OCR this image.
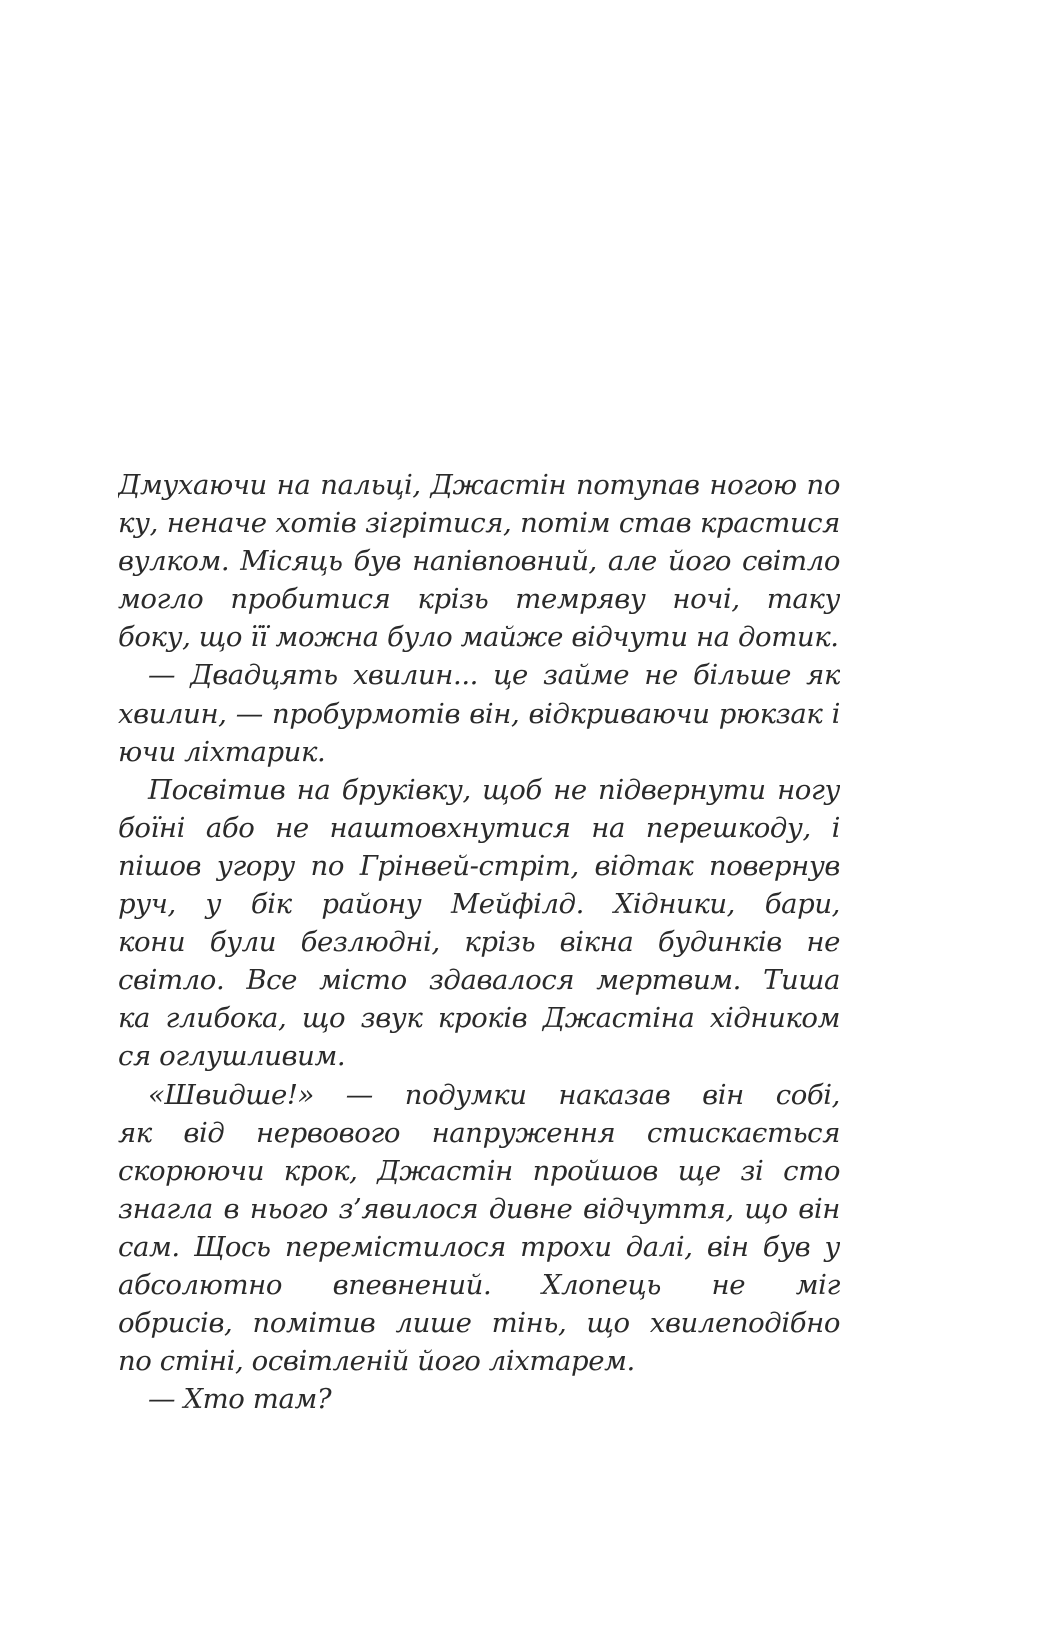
Дмухаючи на пальці, Джастін потупав ногою по
ку, неначе хотів зігрітися, потім став крастися
вулком. Місяць був напівповний, але його світло
могло пробитися крізь темряву ночі, таку
боку, що її можна було майже відчути на дотик.
— Двадцять хвилин... це займе не більше як
хвилин, — пробурмотів він, відкриваючи рюкзак і
ючи ліхтарик.
Посвітив на бруківку, щоб не підвернути ногу
боїні або не наштовхнутися на перешкоду, і
пішов угору по Грінвей-стріт, відтак повернув
руч, у бік району Мейфілд. Хідники, бари,
кони були безлюдні, крізь вікна будинків не
світло. Все місто здавалося мертвим. Тиша
ка глибока, що звук кроків Джастіна хідником
ся оглушливим.
«Швидше!» — подумки наказав він собі,
як від нервового напруження стискається
скорюючи крок, Джастін пройшов ще зі сто
знагла в нього з’явилося дивне відчуття, що він
сам. Щось перемістилося трохи далі, він був у
абсолютно впевнений. Хлопець не міг
обрисів, помітив лише тінь, що хвилеподібно
по стіні, освітленій його ліхтарем.
— Хто там?
